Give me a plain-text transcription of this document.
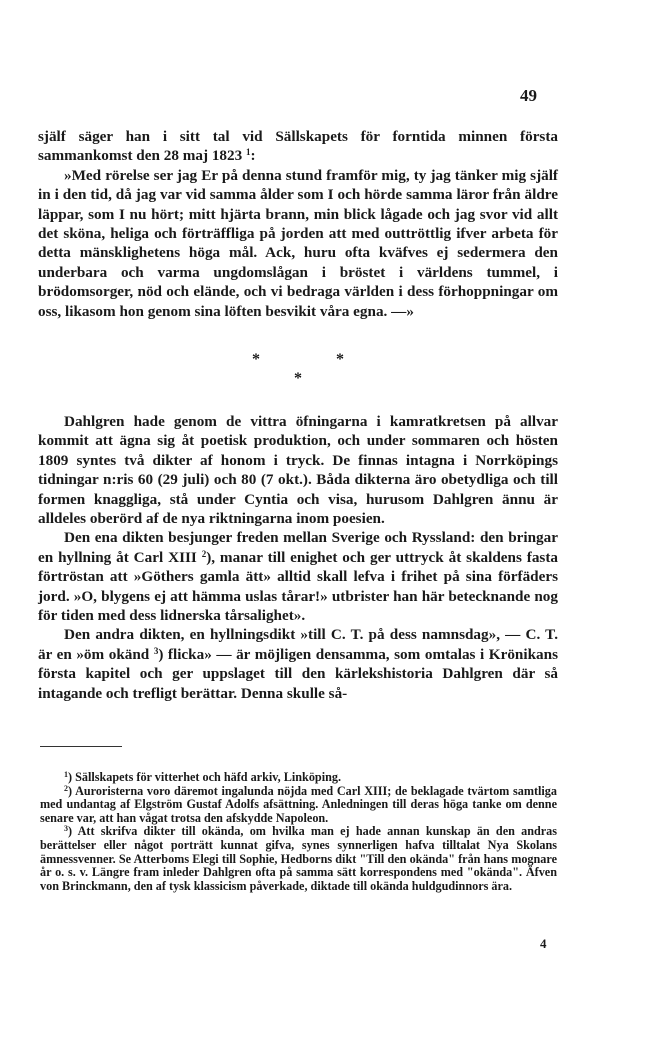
49

själf säger han i sitt tal vid Sällskapets för forntida minnen första sammankomst den 28 maj 1823 $^1$:

»Med rörelse ser jag Er på denna stund framför mig, ty jag tänker mig själf in i den tid, då jag var vid samma ålder som I och hörde samma läror från äldre läppar, som I nu hört; mitt hjärta brann, min blick lågade och jag svor vid allt det sköna, heliga och förträffliga på jorden att med outtröttlig ifver arbeta för detta mänsklighetens höga mål. Ack, huru ofta kväfves ej sedermera den underbara och varma ungdomslågan i bröstet i världens tummel, i brödomsorger, nöd och elände, och vi bedraga världen i dess förhoppningar om oss, likasom hon genom sina löften besvikit våra egna. —»

*	*
*

Dahlgren hade genom de vittra öfningarna i kamratkretsen på allvar kommit att ägna sig åt poetisk produktion, och under sommaren och hösten 1809 syntes två dikter af honom i tryck. De finnas intagna i Norrköpings tidningar n:ris 60 (29 juli) och 80 (7 okt.). Båda dikterna äro obetydliga och till formen knaggliga, stå under Cyntia och visa, hurusom Dahlgren ännu är alldeles oberörd af de nya riktningarna inom poesien.

Den ena dikten besjunger freden mellan Sverige och Ryssland: den bringar en hyllning åt Carl XIII $^2$), manar till enighet och ger uttryck åt skaldens fasta förtröstan att »Göthers gamla ätt» alltid skall lefva i frihet på sina förfäders jord. »O, blygens ej att hämma uslas tårar!» utbrister han här betecknande nog för tiden med dess lidnerska tårsalighet».

Den andra dikten, en hyllningsdikt »till C. T. på dess namnsdag», — C. T. är en »öm okänd $^3$) flicka» — är möjligen densamma, som omtalas i Krönikans första kapitel och ger uppslaget till den kärlekshistoria Dahlgren där så intagande och trefligt berättar. Denna skulle så-

$^1$) Sällskapets för vitterhet och häfd arkiv, Linköping.

$^2$) Auroristerna voro däremot ingalunda nöjda med Carl XIII; de beklagade tvärtom samtliga med undantag af Elgström Gustaf Adolfs afsättning. Anledningen till deras höga tanke om denne senare var, att han vågat trotsa den afskydde Napoleon.

$^3$) Att skrifva dikter till okända, om hvilka man ej hade annan kunskap än den andras berättelser eller något porträtt kunnat gifva, synes synnerligen hafva tilltalat Nya Skolans ämnessvenner. Se Atterboms Elegi till Sophie, Hedborns dikt "Till den okända" från hans mognare år o. s. v. Längre fram inleder Dahlgren ofta på samma sätt korrespondens med "okända". Äfven von Brinckmann, den af tysk klassicism påverkade, diktade till okända huldgudinnors ära.

4
